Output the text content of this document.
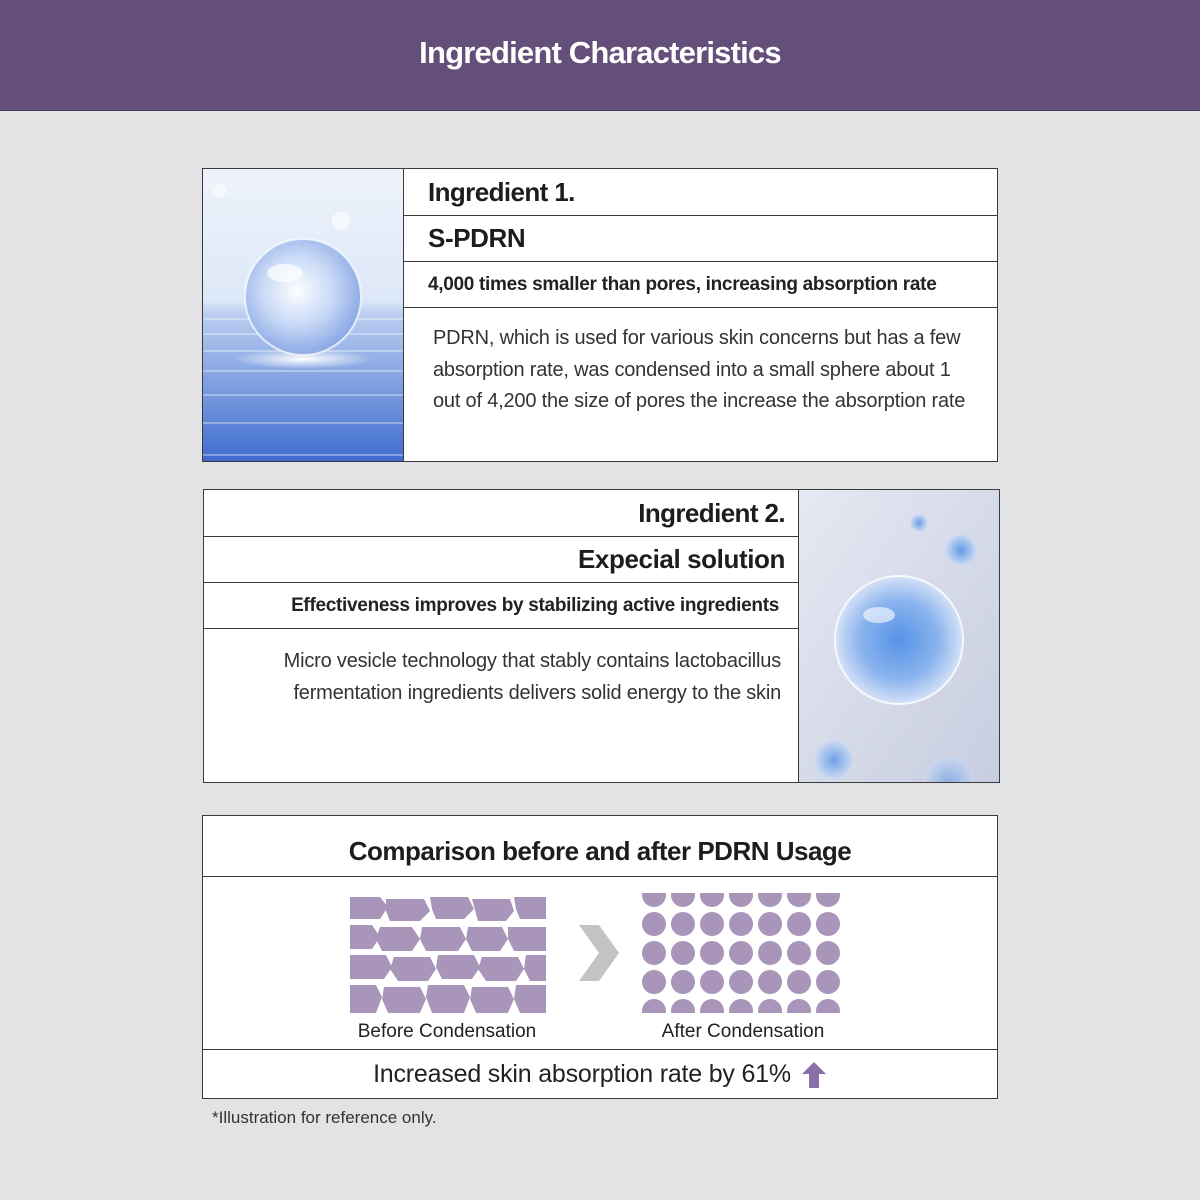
Ingredient Characteristics
Ingredient 1.
S-PDRN
4,000 times smaller than pores, increasing absorption rate
PDRN, which is used for various skin concerns but has a few absorption rate, was condensed into a small sphere about 1 out of 4,200 the size of pores the increase the absorption rate
Ingredient 2.
Expecial solution
Effectiveness improves by stabilizing active ingredients
Micro vesicle technology that stably contains lactobacillus fermentation ingredients delivers solid energy to the skin
Comparison before and after PDRN Usage
Before Condensation	After Condensation
Increased skin absorption rate by 61%
*Illustration for reference only.
